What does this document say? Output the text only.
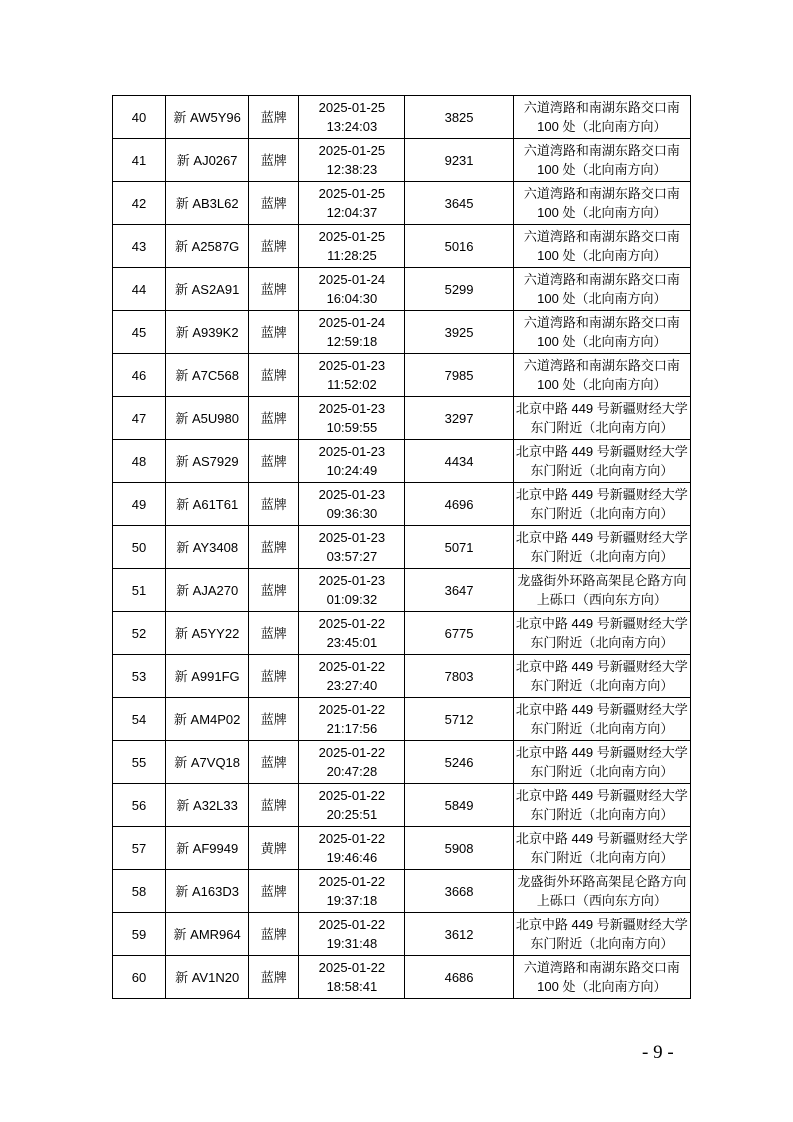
40	新 AW5Y96	蓝牌	2025-01-25
13:24:03	3825	六道湾路和南湖东路交口南
100 处（北向南方向）

41	新 AJ0267	蓝牌	2025-01-25
12:38:23	9231	六道湾路和南湖东路交口南
100 处（北向南方向）

42	新 AB3L62	蓝牌	2025-01-25
12:04:37	3645	六道湾路和南湖东路交口南
100 处（北向南方向）

43	新 A2587G	蓝牌	2025-01-25
11:28:25	5016	六道湾路和南湖东路交口南
100 处（北向南方向）

44	新 AS2A91	蓝牌	2025-01-24
16:04:30	5299	六道湾路和南湖东路交口南
100 处（北向南方向）

45	新 A939K2	蓝牌	2025-01-24
12:59:18	3925	六道湾路和南湖东路交口南
100 处（北向南方向）

46	新 A7C568	蓝牌	2025-01-23
11:52:02	7985	六道湾路和南湖东路交口南
100 处（北向南方向）

47	新 A5U980	蓝牌	2025-01-23
10:59:55	3297	北京中路 449 号新疆财经大学
东门附近（北向南方向）

48	新 AS7929	蓝牌	2025-01-23
10:24:49	4434	北京中路 449 号新疆财经大学
东门附近（北向南方向）

49	新 A61T61	蓝牌	2025-01-23
09:36:30	4696	北京中路 449 号新疆财经大学
东门附近（北向南方向）

50	新 AY3408	蓝牌	2025-01-23
03:57:27	5071	北京中路 449 号新疆财经大学
东门附近（北向南方向）

51	新 AJA270	蓝牌	2025-01-23
01:09:32	3647	龙盛街外环路高架昆仑路方向
上砾口（西向东方向）

52	新 A5YY22	蓝牌	2025-01-22
23:45:01	6775	北京中路 449 号新疆财经大学
东门附近（北向南方向）

53	新 A991FG	蓝牌	2025-01-22
23:27:40	7803	北京中路 449 号新疆财经大学
东门附近（北向南方向）

54	新 AM4P02	蓝牌	2025-01-22
21:17:56	5712	北京中路 449 号新疆财经大学
东门附近（北向南方向）

55	新 A7VQ18	蓝牌	2025-01-22
20:47:28	5246	北京中路 449 号新疆财经大学
东门附近（北向南方向）

56	新 A32L33	蓝牌	2025-01-22
20:25:51	5849	北京中路 449 号新疆财经大学
东门附近（北向南方向）

57	新 AF9949	黄牌	2025-01-22
19:46:46	5908	北京中路 449 号新疆财经大学
东门附近（北向南方向）

58	新 A163D3	蓝牌	2025-01-22
19:37:18	3668	龙盛街外环路高架昆仑路方向
上砾口（西向东方向）

59	新 AMR964	蓝牌	2025-01-22
19:31:48	3612	北京中路 449 号新疆财经大学
东门附近（北向南方向）

60	新 AV1N20	蓝牌	2025-01-22
18:58:41	4686	六道湾路和南湖东路交口南
100 处（北向南方向）
- 9 -
